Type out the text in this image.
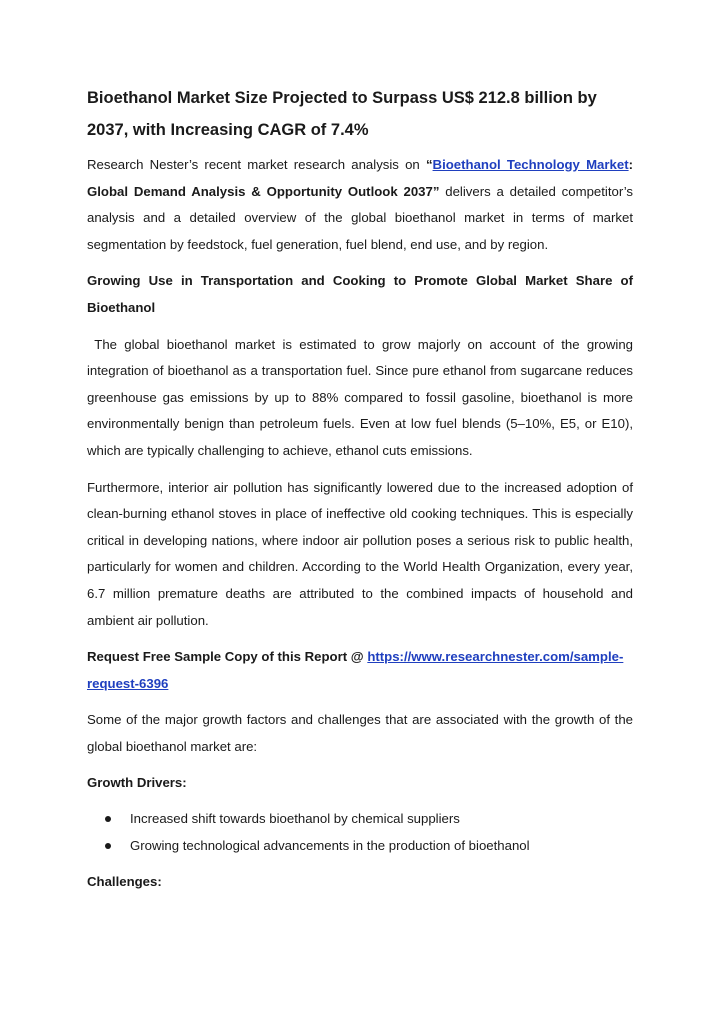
Bioethanol Market Size Projected to Surpass US$ 212.8 billion by 2037, with Increasing CAGR of 7.4%

Research Nester’s recent market research analysis on “Bioethanol Technology Market: Global Demand Analysis & Opportunity Outlook 2037” delivers a detailed competitor’s analysis and a detailed overview of the global bioethanol market in terms of market segmentation by feedstock, fuel generation, fuel blend, end use, and by region.

Growing Use in Transportation and Cooking to Promote Global Market Share of Bioethanol

The global bioethanol market is estimated to grow majorly on account of the growing integration of bioethanol as a transportation fuel. Since pure ethanol from sugarcane reduces greenhouse gas emissions by up to 88% compared to fossil gasoline, bioethanol is more environmentally benign than petroleum fuels. Even at low fuel blends (5–10%, E5, or E10), which are typically challenging to achieve, ethanol cuts emissions.

Furthermore, interior air pollution has significantly lowered due to the increased adoption of clean-burning ethanol stoves in place of ineffective old cooking techniques. This is especially critical in developing nations, where indoor air pollution poses a serious risk to public health, particularly for women and children. According to the World Health Organization, every year, 6.7 million premature deaths are attributed to the combined impacts of household and ambient air pollution.

Request Free Sample Copy of this Report @ https://www.researchnester.com/sample-
request-6396

Some of the major growth factors and challenges that are associated with the growth of the global bioethanol market are:

Growth Drivers:

Increased shift towards bioethanol by chemical suppliers
Growing technological advancements in the production of bioethanol

Challenges:
